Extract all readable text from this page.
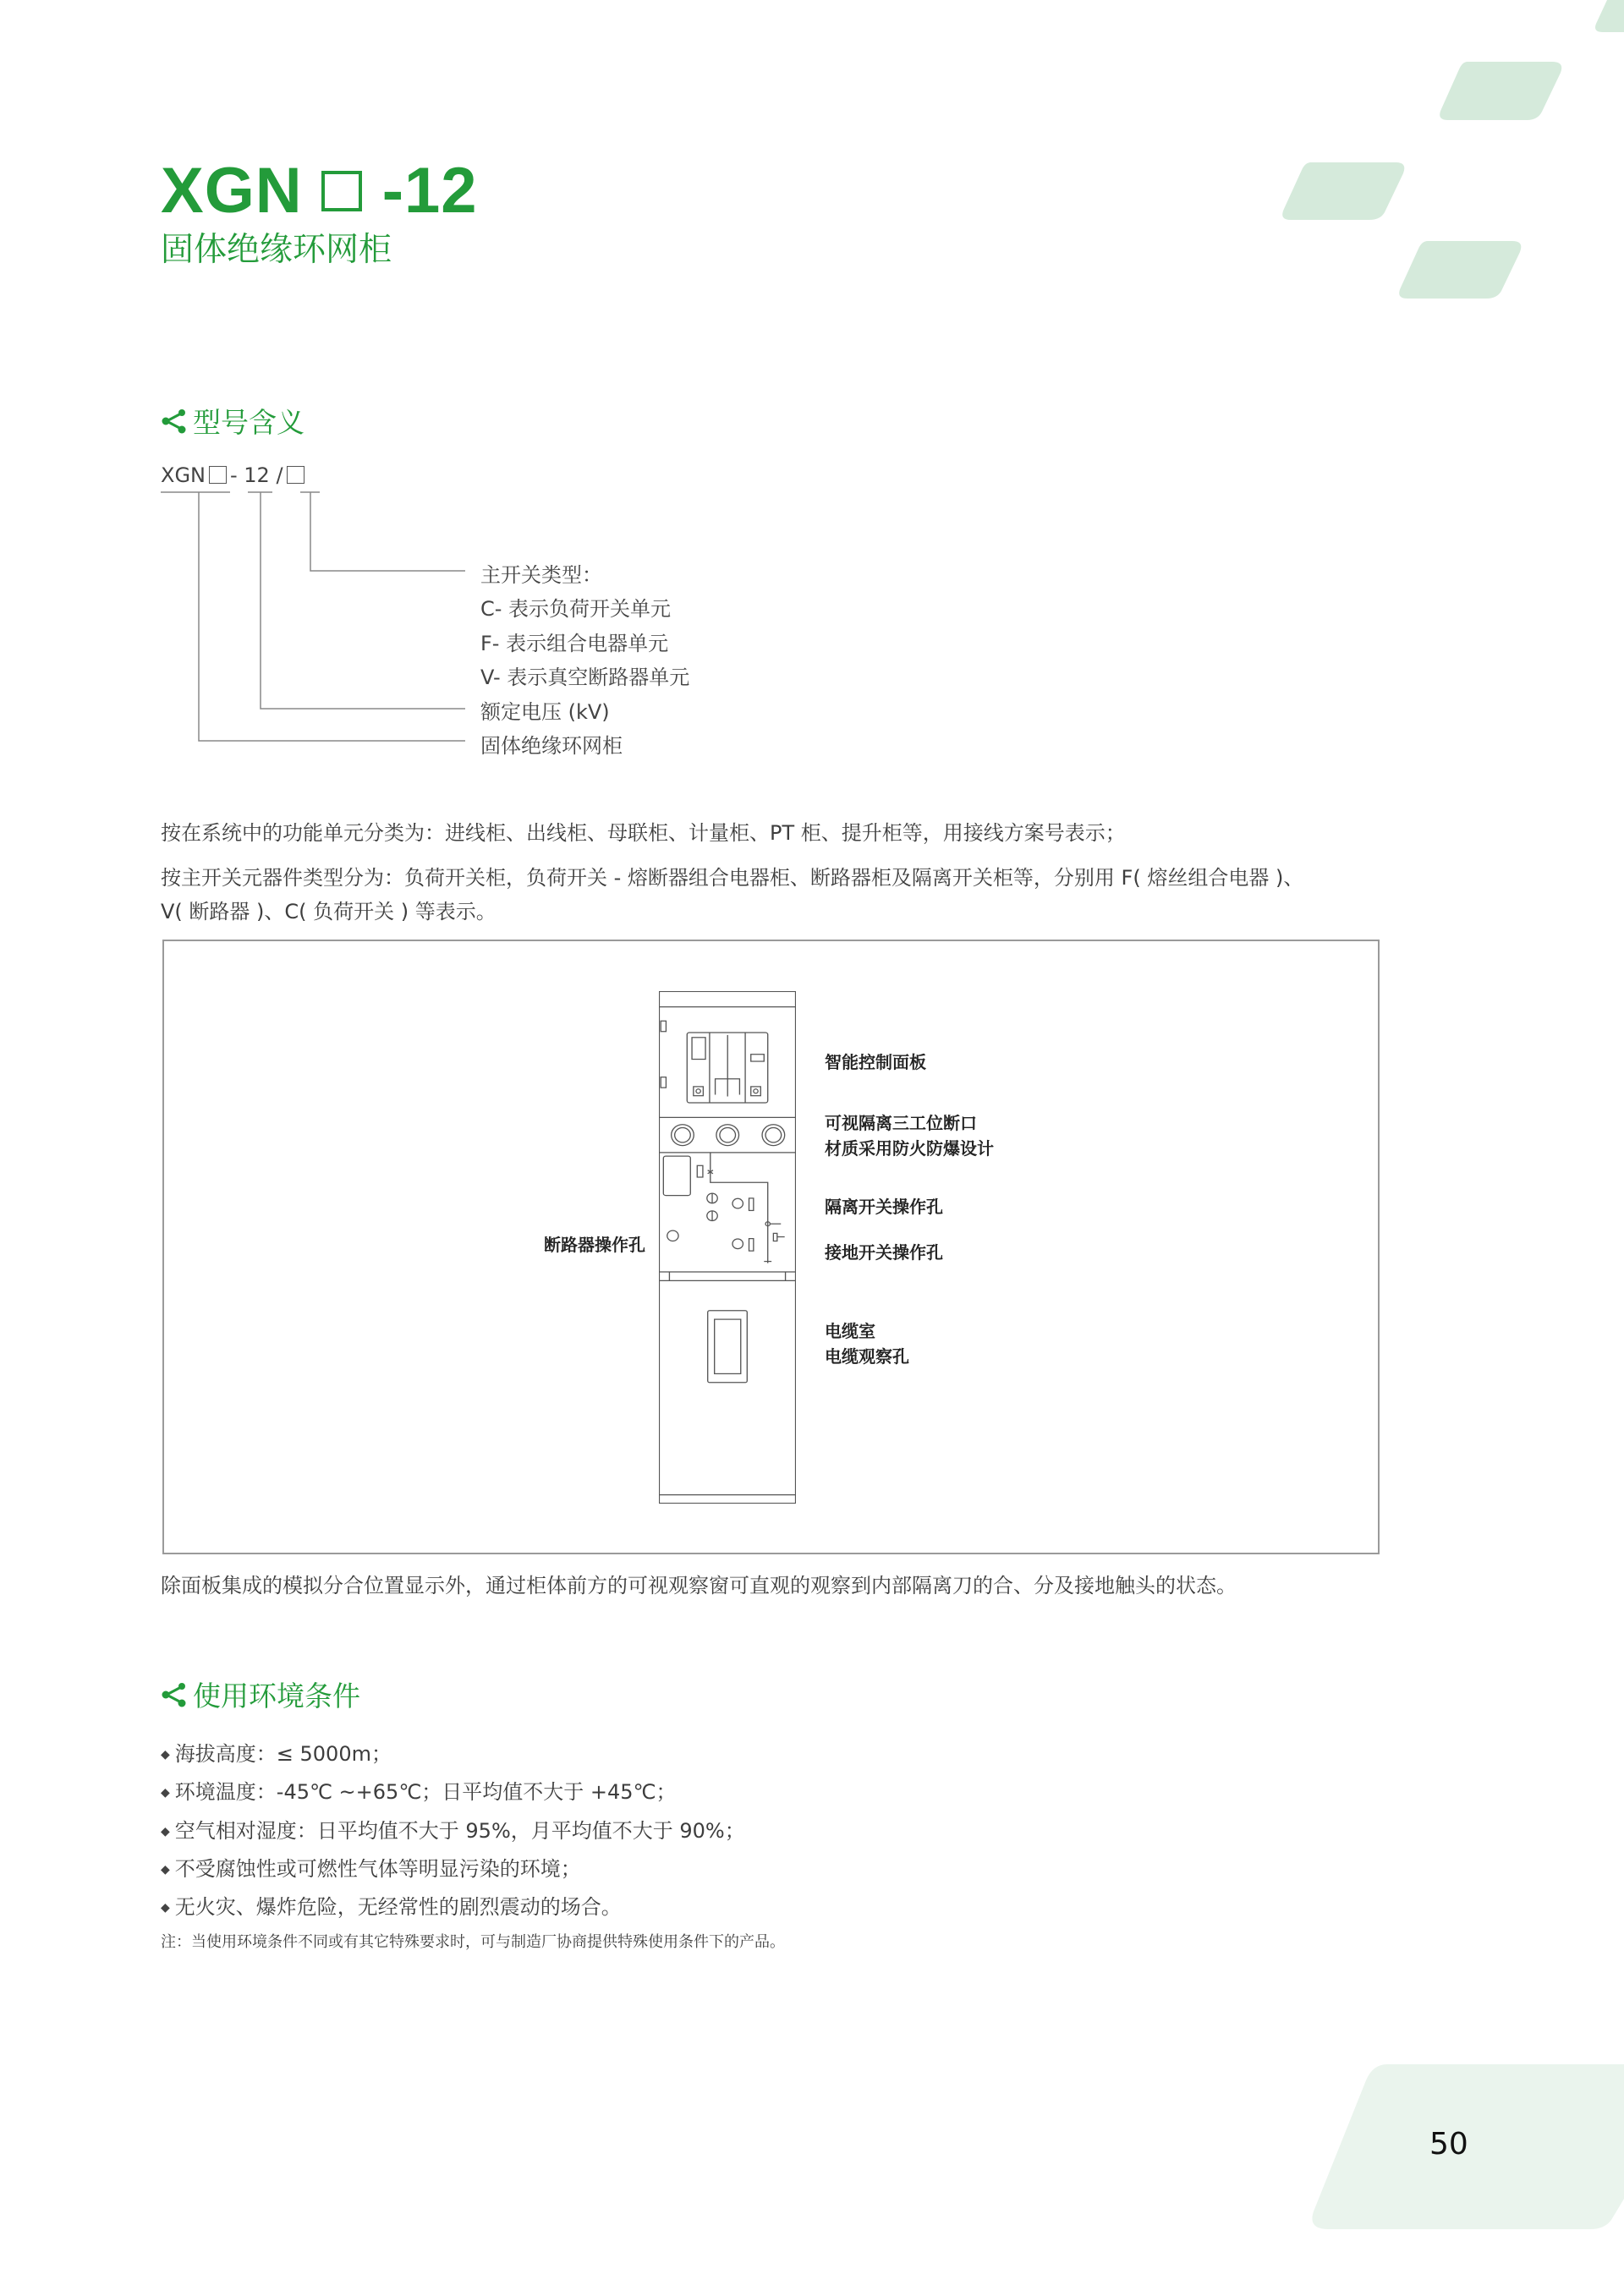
XGN -12
固体绝缘环网柜
型号含义
XGN - 12 /
主开关类型：
C- 表示负荷开关单元
F- 表示组合电器单元
V- 表示真空断路器单元
额定电压 (kV)
固体绝缘环网柜
按在系统中的功能单元分类为：进线柜、出线柜、母联柜、计量柜、PT 柜、提升柜等，用接线方案号表示；
按主开关元器件类型分为：负荷开关柜，负荷开关 - 熔断器组合电器柜、断路器柜及隔离开关柜等，分别用 F( 熔丝组合电器 )、
V( 断路器 )、C( 负荷开关 ) 等表示。
智能控制面板
可视隔离三工位断口
材质采用防火防爆设计
隔离开关操作孔
接地开关操作孔
断路器操作孔
电缆室
电缆观察孔
除面板集成的模拟分合位置显示外，通过柜体前方的可视观察窗可直观的观察到内部隔离刀的合、分及接地触头的状态。
使用环境条件
◆ 海拔高度：≤ 5000m；
◆ 环境温度：-45℃ ~+65℃；日平均值不大于 +45℃；
◆ 空气相对湿度：日平均值不大于 95%，月平均值不大于 90%；
◆ 不受腐蚀性或可燃性气体等明显污染的环境；
◆ 无火灾、爆炸危险，无经常性的剧烈震动的场合。
注：当使用环境条件不同或有其它特殊要求时，可与制造厂协商提供特殊使用条件下的产品。
50
